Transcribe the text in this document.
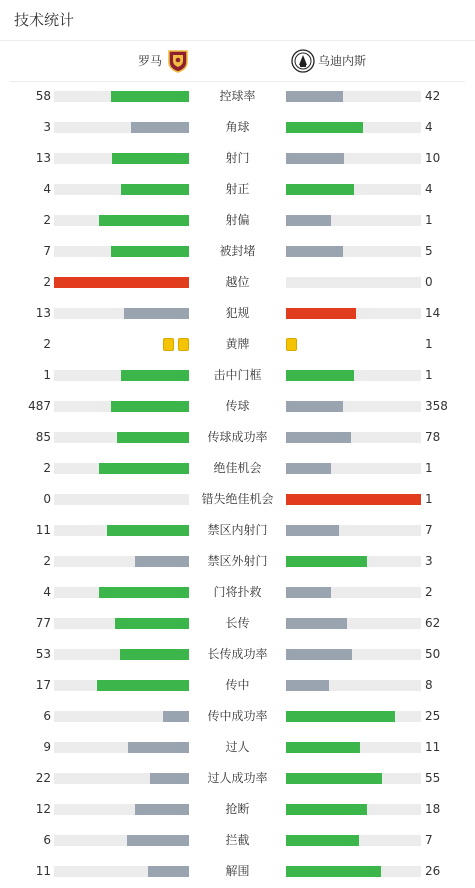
技术统计
罗马	乌迪内斯
58	控球率	42
3	角球	4
13	射门	10
4	射正	4
2	射偏	1
7	被封堵	5
2	越位	0
13	犯规	14
2	黄牌	1
1	击中门框	1
487	传球	358
85	传球成功率	78
2	绝佳机会	1
0	错失绝佳机会	1
11	禁区内射门	7
2	禁区外射门	3
4	门将扑救	2
77	长传	62
53	长传成功率	50
17	传中	8
6	传中成功率	25
9	过人	11
22	过人成功率	55
12	抢断	18
6	拦截	7
11	解围	26
